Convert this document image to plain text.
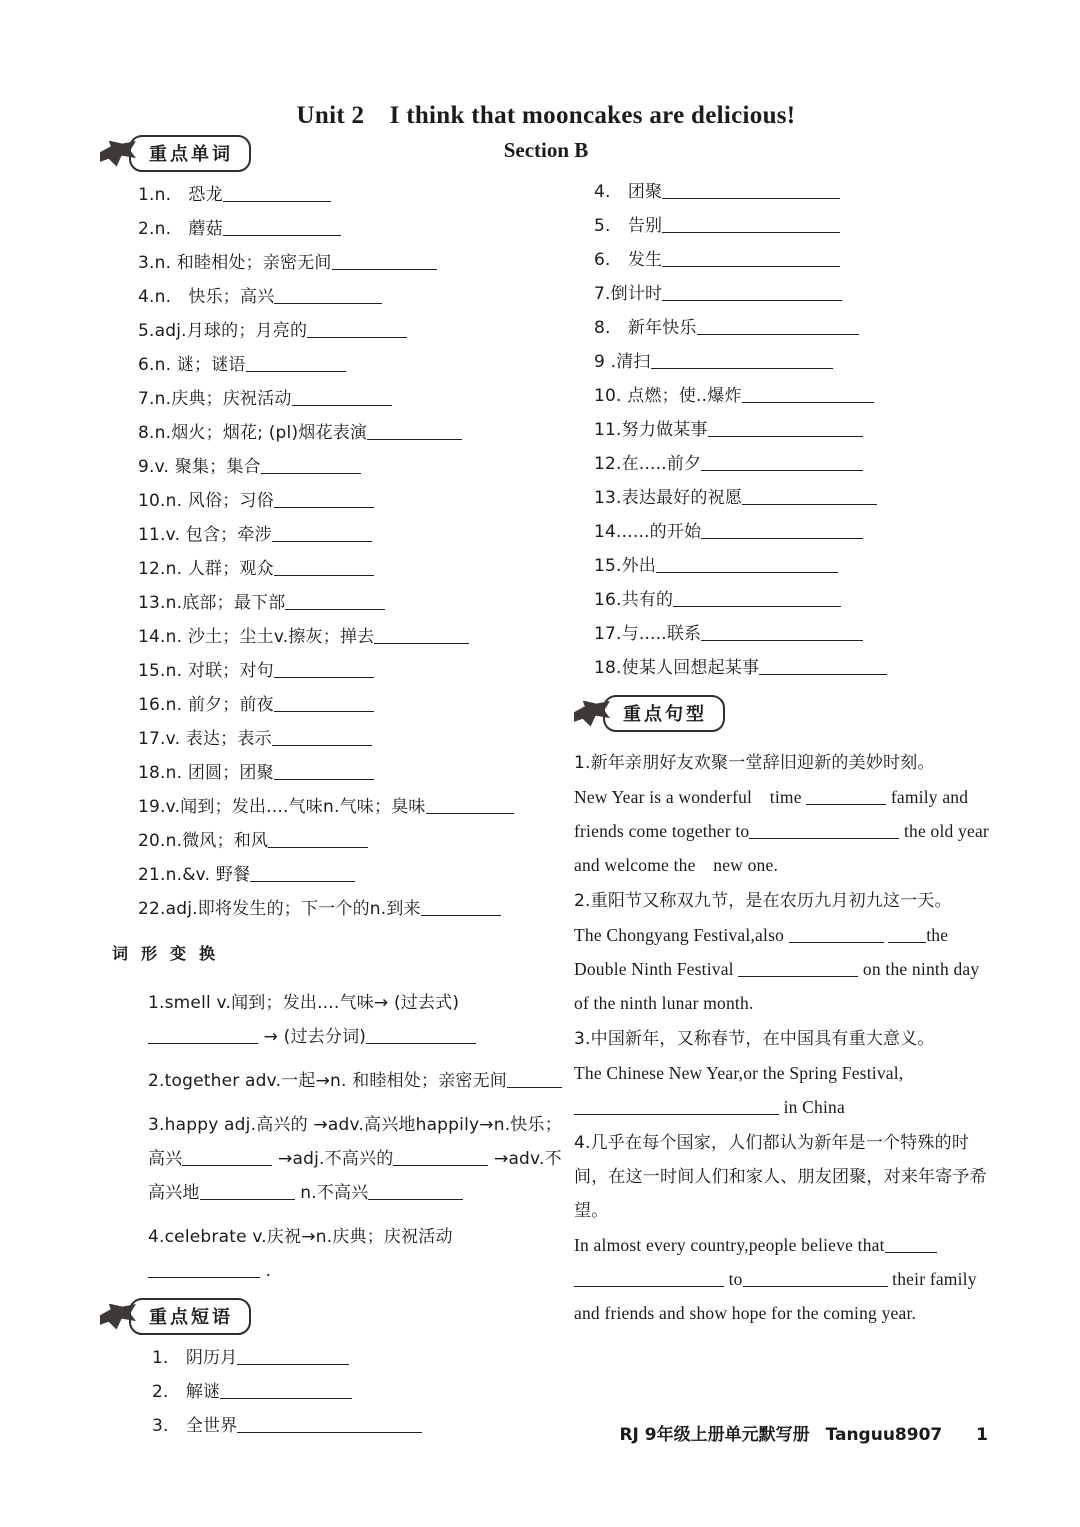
Unit 2　I think that mooncakes are delicious!
Section B
重点单词
1.n.　恐龙
2.n.　蘑菇
3.n. 和睦相处；亲密无间
4.n.　快乐；高兴
5.adj.月球的；月亮的
6.n. 谜；谜语
7.n.庆典；庆祝活动
8.n.烟火；烟花; (pl)烟花表演
9.v. 聚集；集合
10.n. 风俗；习俗
11.v. 包含；牵涉
12.n. 人群；观众
13.n.底部；最下部
14.n. 沙土；尘土v.擦灰；掸去
15.n. 对联；对句
16.n. 前夕；前夜
17.v. 表达；表示
18.n. 团圆；团聚
19.v.闻到；发出....气味n.气味；臭味
20.n.微风；和风
21.n.&v. 野餐
22.adj.即将发生的；下一个的n.到来
词 形 变 换
1.smell v.闻到；发出....气味→ (过去式) → (过去分词)
2.together adv.一起→n. 和睦相处；亲密无间
3.happy adj.高兴的 →adv.高兴地happily→n.快乐；高兴	→adj.不高兴的	→adv.不高兴地	n.不高兴
4.celebrate v.庆祝→n.庆典；庆祝活动 .
重点短语
1.　阴历月
2.　解谜
3.　全世界
4.　团聚
5.　告别
6.　发生
7.倒计时
8.　新年快乐
9 .清扫
10. 点燃；使..爆炸
11.努力做某事
12.在.....前夕
13.表达最好的祝愿
14......的开始
15.外出
16.共有的
17.与.....联系
18.使某人回想起某事
重点句型
1.新年亲朋好友欢聚一堂辞旧迎新的美妙时刻。
New Year is a wonderful　time	family and friends come together to	the old year and welcome the　new one.
2.重阳节又称双九节，是在农历九月初九这一天。
The Chongyang Festival,also	the Double Ninth Festival	on the ninth day of the ninth lunar month.
3.中国新年，又称春节，在中国具有重大意义。
The Chinese New Year,or the Spring Festival, in China
4.几乎在每个国家，人们都认为新年是一个特殊的时间，在这一时间人们和家人、朋友团聚，对来年寄予希望。
In almost every country,people believe that  to	their family and friends and show hope for the coming year.
RJ 9年级上册单元默写册 Tanguu8907 1
